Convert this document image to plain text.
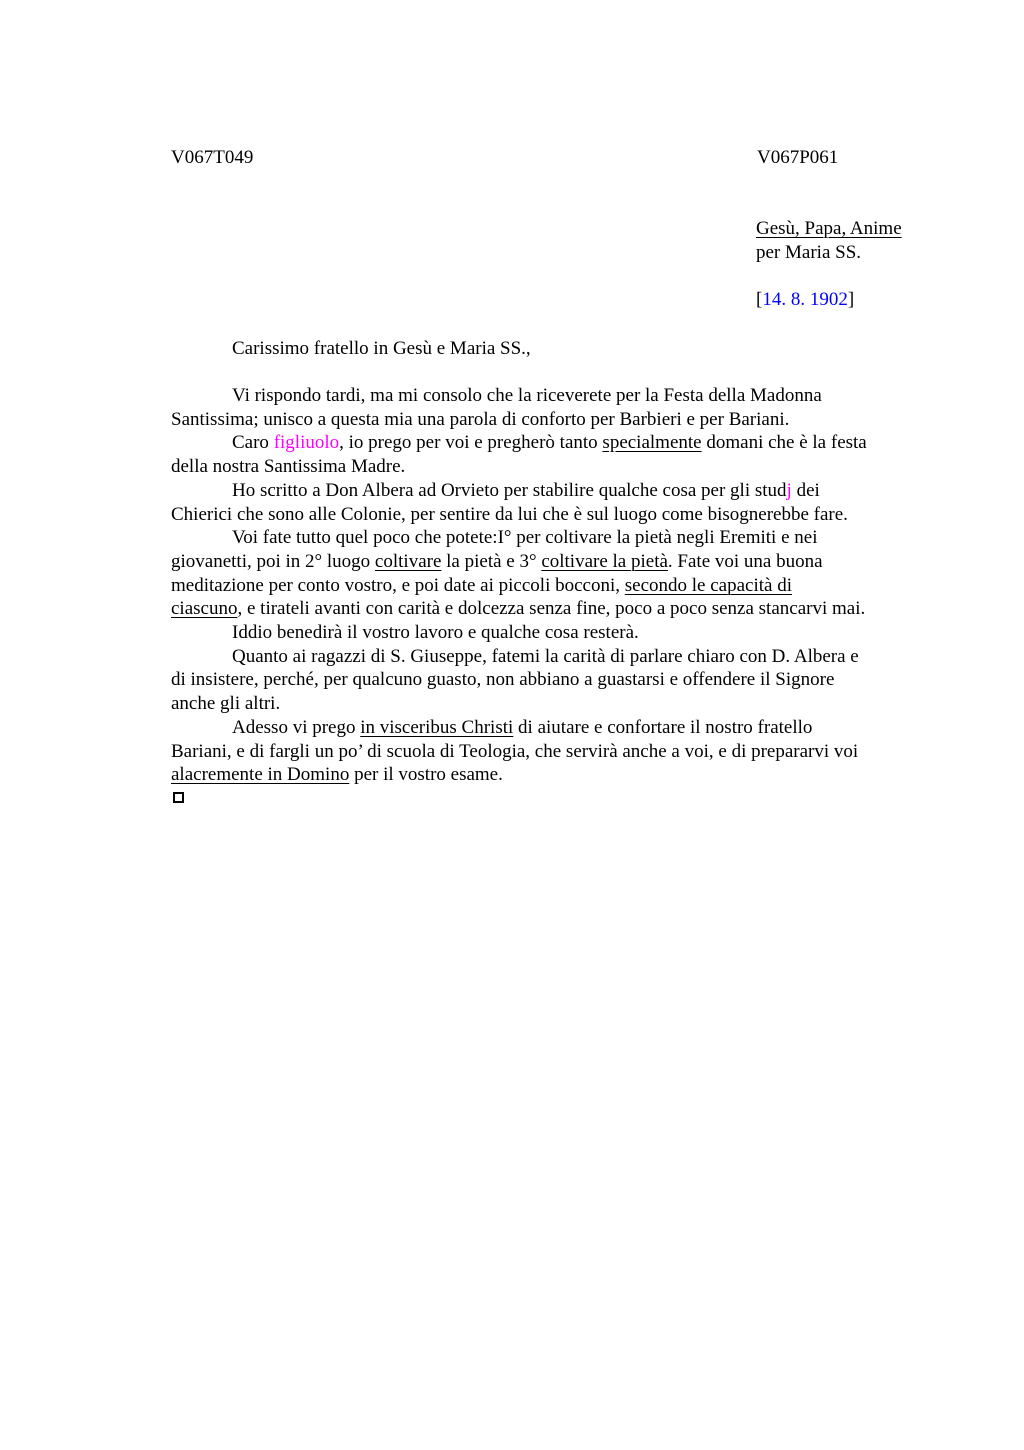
V067T049	V067P061
Gesù, Papa, Anime
per Maria SS.
[14. 8. 1902]
Carissimo fratello in Gesù e Maria SS.,

Vi rispondo tardi, ma mi consolo che la riceverete per la Festa della Madonna
Santissima; unisco a questa mia una parola di conforto per Barbieri e per Bariani.

Caro figliuolo, io prego per voi e pregherò tanto specialmente domani che è la festa
della nostra Santissima Madre.

Ho scritto a Don Albera ad Orvieto per stabilire qualche cosa per gli studj dei
Chierici che sono alle Colonie, per sentire da lui che è sul luogo come bisognerebbe fare.

Voi fate tutto quel poco che potete:I° per coltivare la pietà negli Eremiti e nei
giovanetti, poi in 2° luogo coltivare la pietà e 3° coltivare la pietà. Fate voi una buona
meditazione per conto vostro, e poi date ai piccoli bocconi, secondo le capacità di
ciascuno, e tirateli avanti con carità e dolcezza senza fine, poco a poco senza stancarvi mai.

Iddio benedirà il vostro lavoro e qualche cosa resterà.

Quanto ai ragazzi di S. Giuseppe, fatemi la carità di parlare chiaro con D. Albera e
di insistere, perché, per qualcuno guasto, non abbiano a guastarsi e offendere il Signore
anche gli altri.

Adesso vi prego in visceribus Christi di aiutare e confortare il nostro fratello
Bariani, e di fargli un po’ di scuola di Teologia, che servirà anche a voi, e di prepararvi voi
alacremente in Domino per il vostro esame.
